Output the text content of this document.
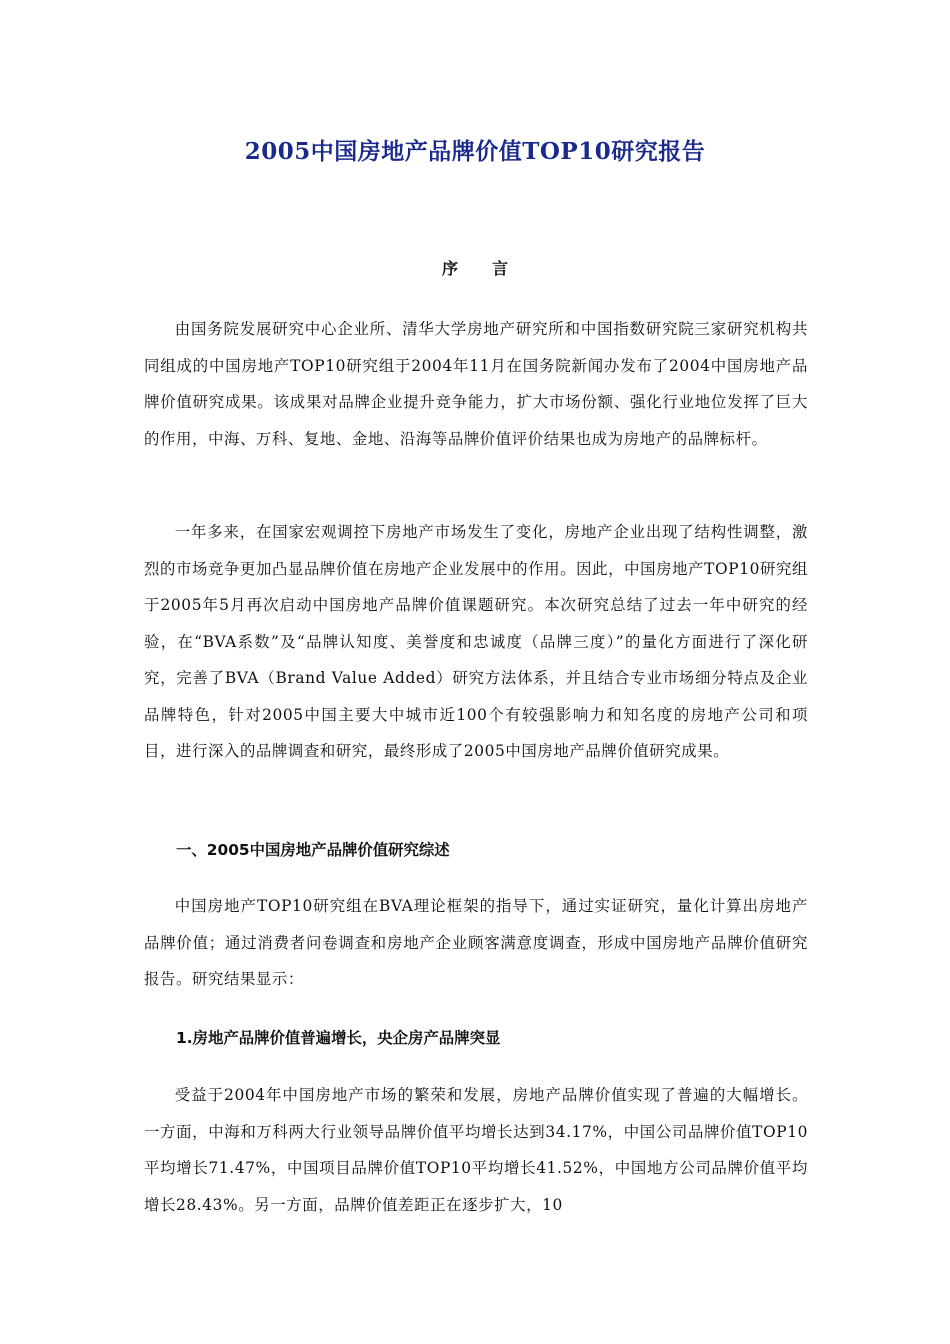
2005中国房地产品牌价值TOP10研究报告
序 言

由国务院发展研究中心企业所、清华大学房地产研究所和中国指数研究院三家研究机构共同组成的中国房地产TOP10研究组于2004年11月在国务院新闻办发布了2004中国房地产品牌价值研究成果。该成果对品牌企业提升竞争能力，扩大市场份额、强化行业地位发挥了巨大的作用，中海、万科、复地、金地、沿海等品牌价值评价结果也成为房地产的品牌标杆。

一年多来，在国家宏观调控下房地产市场发生了变化，房地产企业出现了结构性调整，激烈的市场竞争更加凸显品牌价值在房地产企业发展中的作用。因此，中国房地产TOP10研究组于2005年5月再次启动中国房地产品牌价值课题研究。本次研究总结了过去一年中研究的经验，在“BVA系数”及“品牌认知度、美誉度和忠诚度（品牌三度）”的量化方面进行了深化研究，完善了BVA（Brand Value Added）研究方法体系，并且结合专业市场细分特点及企业品牌特色，针对2005中国主要大中城市近100个有较强影响力和知名度的房地产公司和项目，进行深入的品牌调查和研究，最终形成了2005中国房地产品牌价值研究成果。

一、2005中国房地产品牌价值研究综述

中国房地产TOP10研究组在BVA理论框架的指导下，通过实证研究，量化计算出房地产品牌价值；通过消费者问卷调查和房地产企业顾客满意度调查，形成中国房地产品牌价值研究报告。研究结果显示：

1.房地产品牌价值普遍增长，央企房产品牌突显

受益于2004年中国房地产市场的繁荣和发展，房地产品牌价值实现了普遍的大幅增长。一方面，中海和万科两大行业领导品牌价值平均增长达到34.17%，中国公司品牌价值TOP10平均增长71.47%，中国项目品牌价值TOP10平均增长41.52%，中国地方公司品牌价值平均增长28.43%。另一方面，品牌价值差距正在逐步扩大，10
